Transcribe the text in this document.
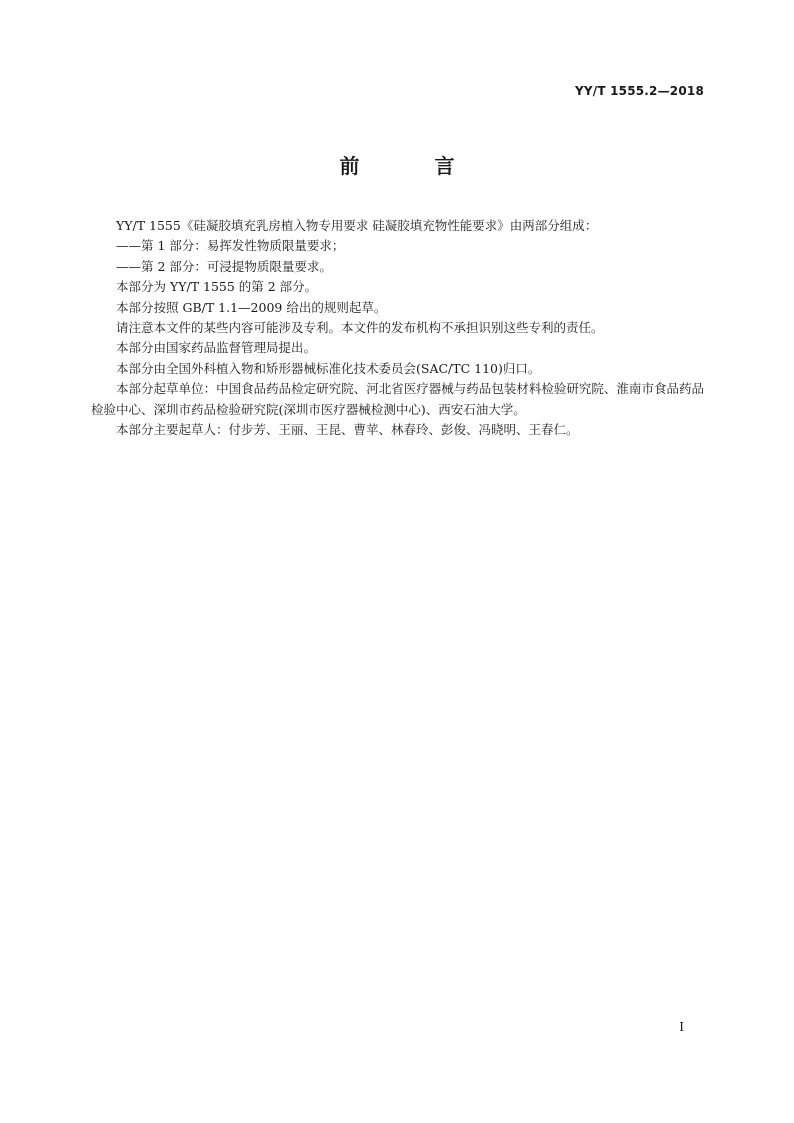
YY/T 1555.2—2018
前 言

YY/T 1555《硅凝胶填充乳房植入物专用要求 硅凝胶填充物性能要求》由两部分组成：

——第 1 部分：易挥发性物质限量要求；

——第 2 部分：可浸提物质限量要求。

本部分为 YY/T 1555 的第 2 部分。

本部分按照 GB/T 1.1—2009 给出的规则起草。

请注意本文件的某些内容可能涉及专利。本文件的发布机构不承担识别这些专利的责任。

本部分由国家药品监督管理局提出。

本部分由全国外科植入物和矫形器械标准化技术委员会(SAC/TC 110)归口。

本部分起草单位：中国食品药品检定研究院、河北省医疗器械与药品包装材料检验研究院、淮南市食品药品检验中心、深圳市药品检验研究院(深圳市医疗器械检测中心)、西安石油大学。

本部分主要起草人：付步芳、王丽、王昆、曹苹、林春玲、彭俊、冯晓明、王春仁。

I
